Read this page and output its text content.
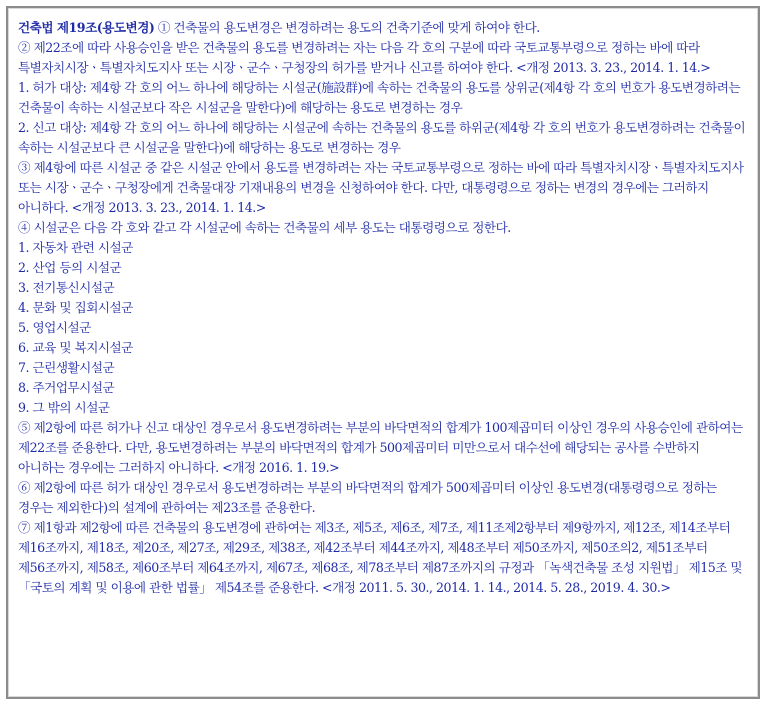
건축법 제19조(용도변경) ① 건축물의 용도변경은 변경하려는 용도의 건축기준에 맞게 하여야 한다.

② 제22조에 따라 사용승인을 받은 건축물의 용도를 변경하려는 자는 다음 각 호의 구분에 따라 국토교통부령으로 정하는 바에 따라 특별자치시장ㆍ특별자치도지사 또는 시장ㆍ군수ㆍ구청장의 허가를 받거나 신고를 하여야 한다. <개정 2013. 3. 23., 2014. 1. 14.>

1. 허가 대상: 제4항 각 호의 어느 하나에 해당하는 시설군(施設群)에 속하는 건축물의 용도를 상위군(제4항 각 호의 번호가 용도변경하려는 건축물이 속하는 시설군보다 작은 시설군을 말한다)에 해당하는 용도로 변경하는 경우

2. 신고 대상: 제4항 각 호의 어느 하나에 해당하는 시설군에 속하는 건축물의 용도를 하위군(제4항 각 호의 번호가 용도변경하려는 건축물이 속하는 시설군보다 큰 시설군을 말한다)에 해당하는 용도로 변경하는 경우

③ 제4항에 따른 시설군 중 같은 시설군 안에서 용도를 변경하려는 자는 국토교통부령으로 정하는 바에 따라 특별자치시장ㆍ특별자치도지사 또는 시장ㆍ군수ㆍ구청장에게 건축물대장 기재내용의 변경을 신청하여야 한다. 다만, 대통령령으로 정하는 변경의 경우에는 그러하지 아니하다. <개정 2013. 3. 23., 2014. 1. 14.>

④ 시설군은 다음 각 호와 같고 각 시설군에 속하는 건축물의 세부 용도는 대통령령으로 정한다.

1. 자동차 관련 시설군

2. 산업 등의 시설군

3. 전기통신시설군

4. 문화 및 집회시설군

5. 영업시설군

6. 교육 및 복지시설군

7. 근린생활시설군

8. 주거업무시설군

9. 그 밖의 시설군

⑤ 제2항에 따른 허가나 신고 대상인 경우로서 용도변경하려는 부분의 바닥면적의 합계가 100제곱미터 이상인 경우의 사용승인에 관하여는 제22조를 준용한다. 다만, 용도변경하려는 부분의 바닥면적의 합계가 500제곱미터 미만으로서 대수선에 해당되는 공사를 수반하지 아니하는 경우에는 그러하지 아니하다. <개정 2016. 1. 19.>

⑥ 제2항에 따른 허가 대상인 경우로서 용도변경하려는 부분의 바닥면적의 합계가 500제곱미터 이상인 용도변경(대통령령으로 정하는 경우는 제외한다)의 설계에 관하여는 제23조를 준용한다.

⑦ 제1항과 제2항에 따른 건축물의 용도변경에 관하여는 제3조, 제5조, 제6조, 제7조, 제11조제2항부터 제9항까지, 제12조, 제14조부터 제16조까지, 제18조, 제20조, 제27조, 제29조, 제38조, 제42조부터 제44조까지, 제48조부터 제50조까지, 제50조의2, 제51조부터 제56조까지, 제58조, 제60조부터 제64조까지, 제67조, 제68조, 제78조부터 제87조까지의 규정과 「녹색건축물 조성 지원법」 제15조 및 「국토의 계획 및 이용에 관한 법률」 제54조를 준용한다. <개정 2011. 5. 30., 2014. 1. 14., 2014. 5. 28., 2019. 4. 30.>
